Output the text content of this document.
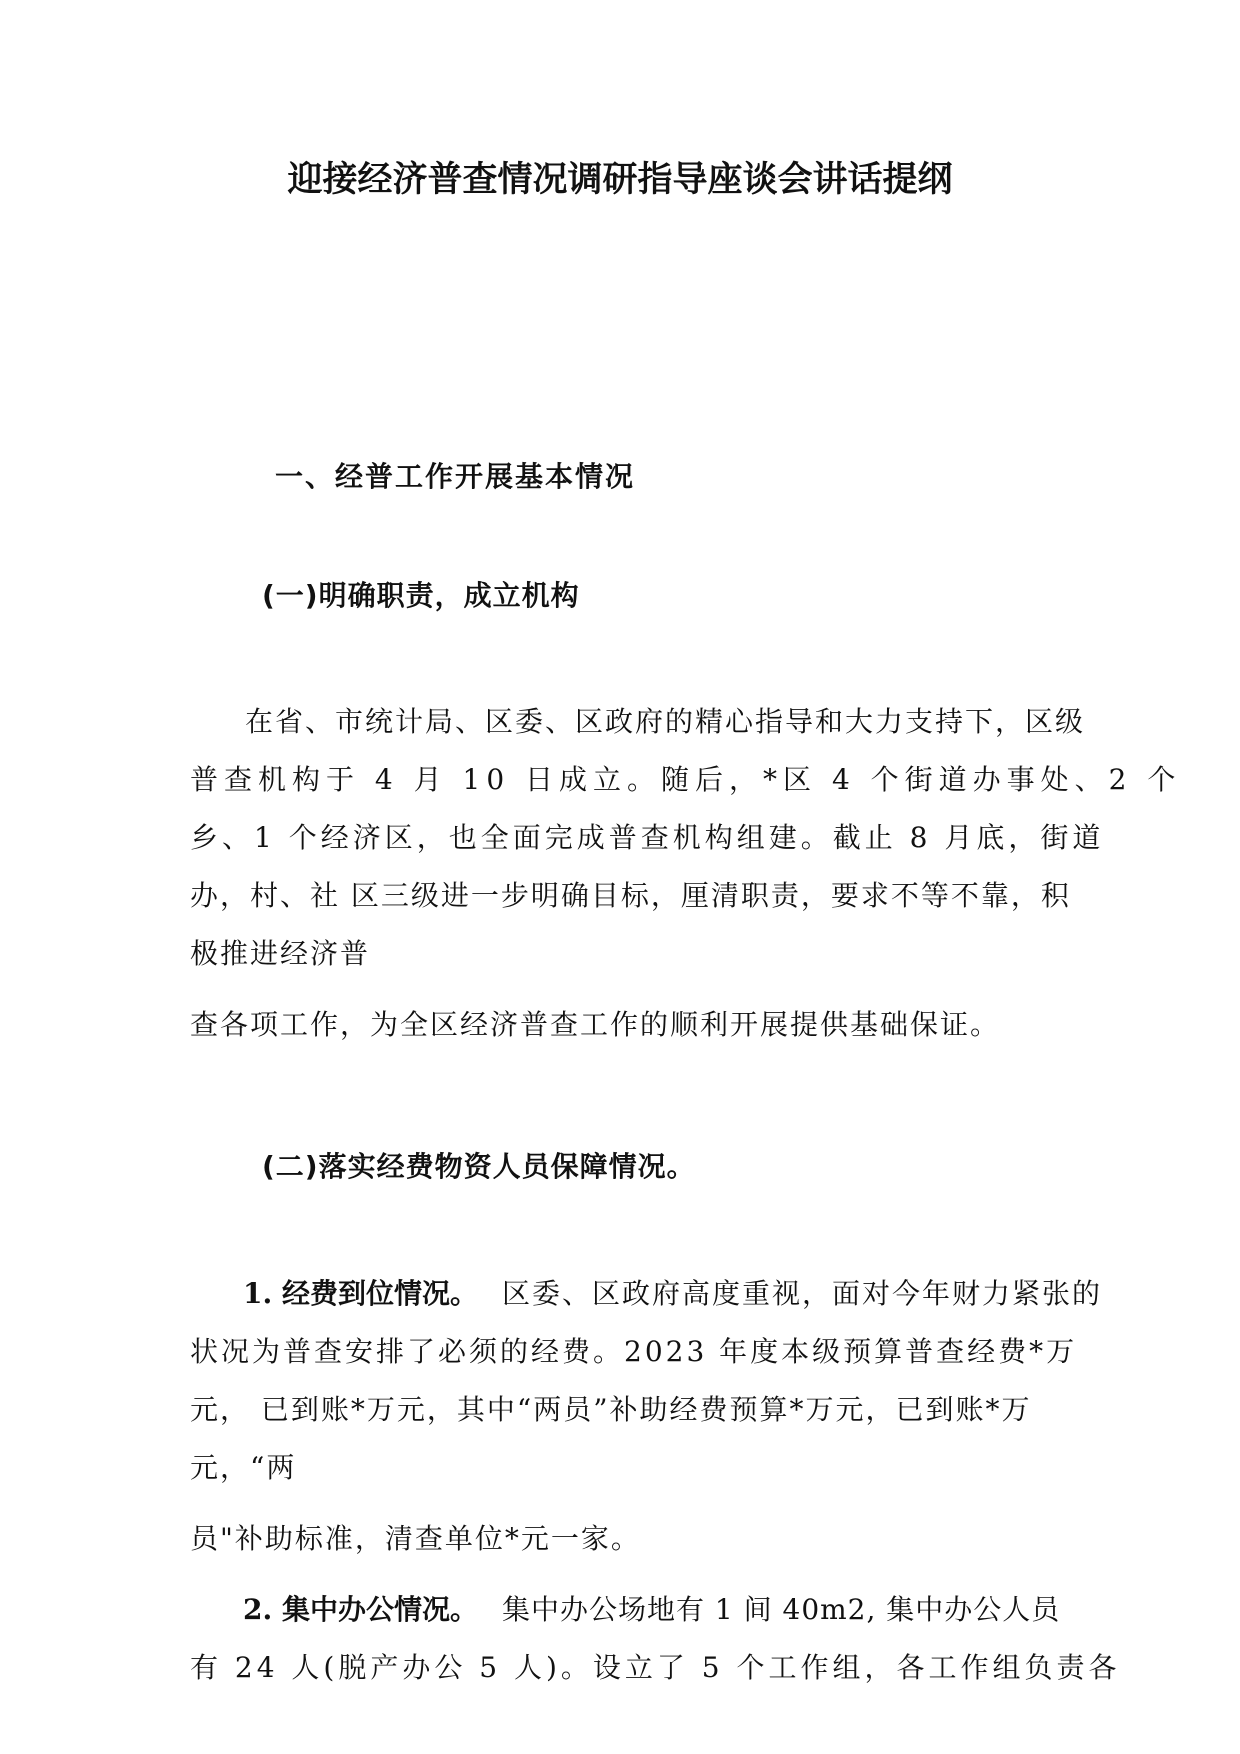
迎接经济普查情况调研指导座谈会讲话提纲
一、经普工作开展基本情况
(一)明确职责，成立机构
在省、市统计局、区委、区政府的精心指导和大力支持下，区级
普查机构于 4 月 10 日成立。随后，*区 4 个街道办事处、2 个
乡、1 个经济区，也全面完成普查机构组建。截止 8 月底，街道
办，村、社 区三级进一步明确目标，厘清职责，要求不等不靠，积
极推进经济普
查各项工作，为全区经济普查工作的顺利开展提供基础保证。
(二)落实经费物资人员保障情况。
1. 经费到位情况。 区委、区政府高度重视，面对今年财力紧张的
状况为普查安排了必须的经费。2023 年度本级预算普查经费*万
元， 已到账*万元，其中“两员”补助经费预算*万元，已到账*万
元，“两
员"补助标准，清查单位*元一家。
2. 集中办公情况。 集中办公场地有 1 间 40m2, 集中办公人员
有 24 人(脱产办公 5 人)。设立了 5 个工作组，各工作组负责各
